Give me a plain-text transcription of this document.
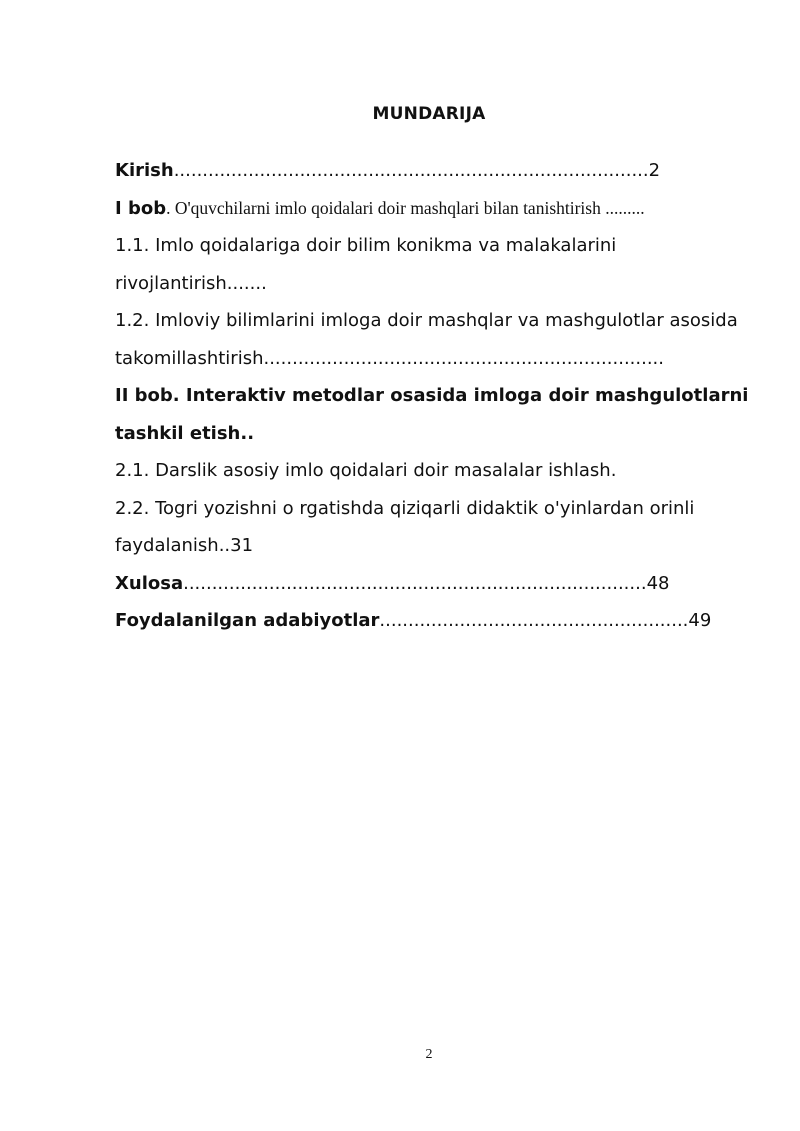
MUNDARIJA
Kirish...................................................................................2
I bob. O'quvchilarni imlo qoidalari doir mashqlari bilan tanishtirish .........
1.1. Imlo qoidalariga doir bilim konikma va malakalarini
rivojlantirish.......
1.2. Imloviy bilimlarini imloga doir mashqlar va mashgulotlar asosida
takomillashtirish......................................................................
II bob. Interaktiv metodlar osasida imloga doir mashgulotlarni
tashkil etish..
2.1. Darslik asosiy imlo qoidalari doir masalalar ishlash.
2.2. Togri yozishni o rgatishda qiziqarli didaktik o'yinlardan orinli
faydalanish..31
Xulosa.................................................................................48
Foydalanilgan adabiyotlar......................................................49
2
